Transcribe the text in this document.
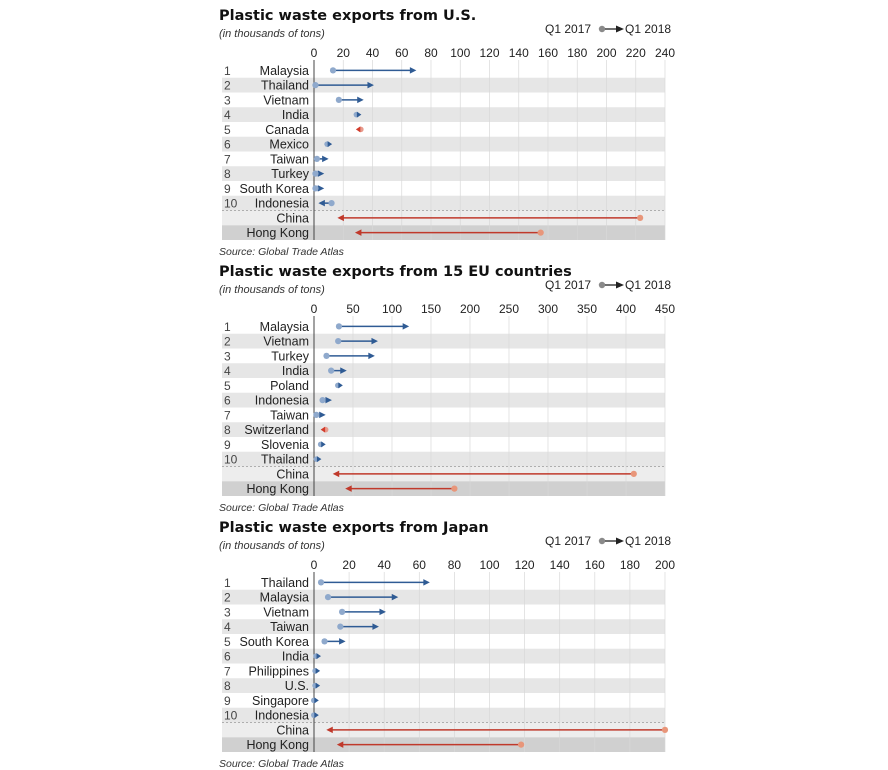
Plastic waste exports from U.S.
(in thousands of tons)	Q1 2017	Q1 2018
0 20 40 60 80 100 120 140 160 180 200 220 240
1 Malaysia
2 Thailand
3	Vietnam
4	India
5	Canada
6	Mexico
7	Taiwan
8	Turkey
9 South Korea
10 Indonesia
China
Hong Kong
Source: Global Trade Atlas
Plastic waste exports from 15 EU countries
(in thousands of tons)	Q1 2017	Q1 2018
0 50 100 150 200 250 300 350 400 450
1 Malaysia
2	Vietnam
3	Turkey
4	India
5	Poland
6 Indonesia
7	Taiwan
8 Switzerland
9 Slovenia
10 Thailand
China
Hong Kong
Source: Global Trade Atlas
Plastic waste exports from Japan
(in thousands of tons)	Q1 2017	Q1 2018
0 20 40 60 80 100 120 140 160 180 200
1 Thailand
2 Malaysia
3	Vietnam
4	Taiwan
5 South Korea
6	India
7 Philippines
8	U.S.
9 Singapore
10 Indonesia
China
Hong Kong
Source: Global Trade Atlas
